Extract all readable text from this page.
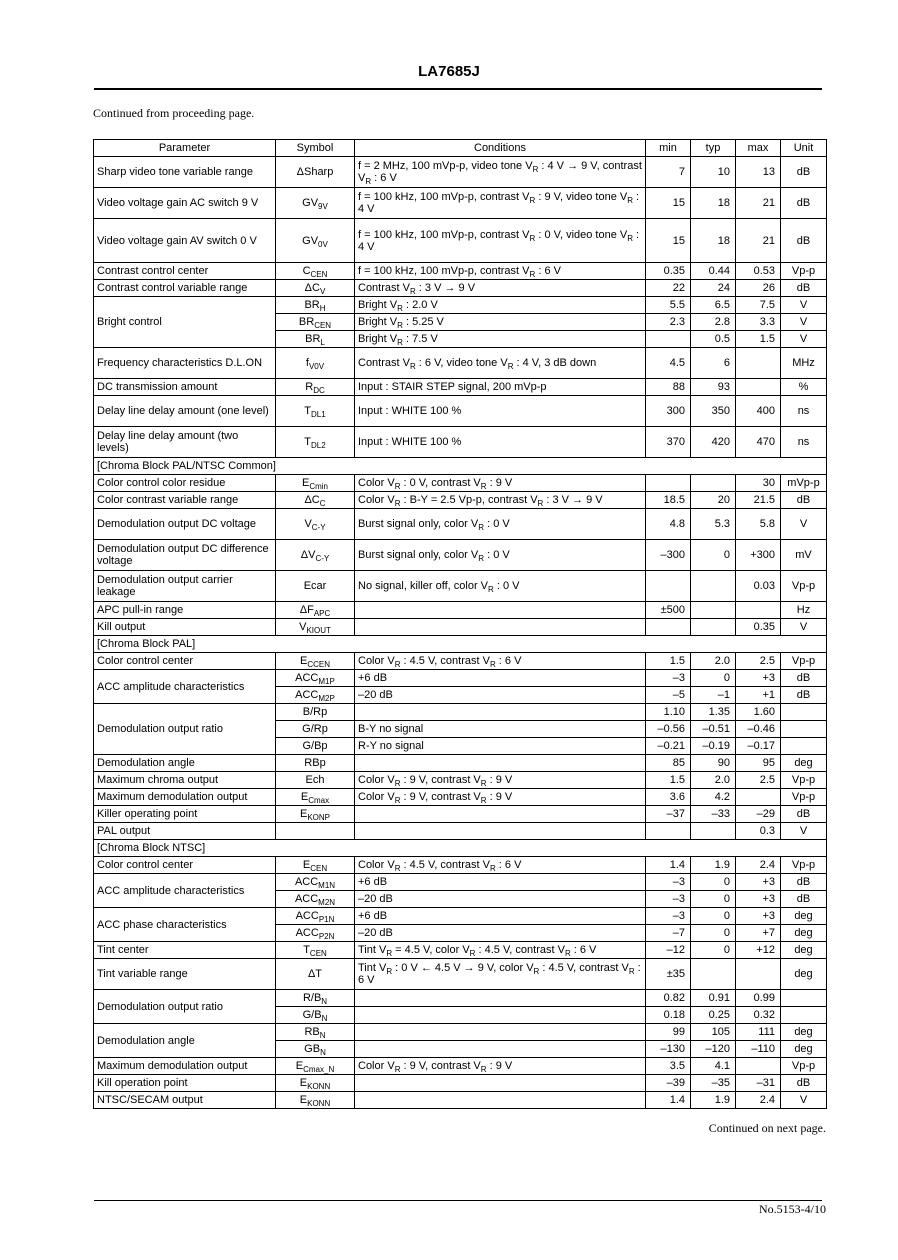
LA7685J
Continued from proceeding page.
Parameter	Symbol	Conditions	min	typ	max	Unit
Sharp video tone variable range	ΔSharp	f = 2 MHz, 100 mVp-p, video tone $V_R$ : 4 V → 9 V, contrast $V_R$ : 6 V	7	10	13	dB
Video voltage gain AC switch 9 V	$GV_{9V}$	f = 100 kHz, 100 mVp-p, contrast $V_R$ : 9 V, video tone $V_R$ : 4 V	15	18	21	dB
Video voltage gain AV switch 0 V	$GV_{0V}$	f = 100 kHz, 100 mVp-p, contrast $V_R$ : 0 V, video tone $V_R$ : 4 V	15	18	21	dB
Contrast control center	$C_{CEN}$	f = 100 kHz, 100 mVp-p, contrast $V_R$ : 6 V	0.35	0.44	0.53	Vp-p
Contrast control variable range	$\Delta C_V$	Contrast $V_R$ : 3 V → 9 V	22	24	26	dB
Bright control	$BR_H$	Bright $V_R$ : 2.0 V	5.5	6.5	7.5	V
	$BR_{CEN}$	Bright $V_R$ : 5.25 V	2.3	2.8	3.3	V
	$BR_L$	Bright $V_R$ : 7.5 V		0.5	1.5	V
Frequency characteristics D.L.ON	$f_{V0V}$	Contrast $V_R$ : 6 V, video tone $V_R$ : 4 V, 3 dB down	4.5	6		MHz
DC transmission amount	$R_{DC}$	Input : STAIR STEP signal, 200 mVp-p	88	93		%
Delay line delay amount (one level)	$T_{DL1}$	Input : WHITE 100 %	300	350	400	ns
Delay line delay amount (two levels)	$T_{DL2}$	Input : WHITE 100 %	370	420	470	ns
[Chroma Block PAL/NTSC Common]						
Color control color residue	$E_{Cmin}$	Color $V_R$ : 0 V, contrast $V_R$ : 9 V			30	mVp-p
Color contrast variable range	$\Delta C_C$	Color $V_R$ : B-Y = 2.5 Vp-p, contrast $V_R$ : 3 V → 9 V	18.5	20	21.5	dB
Demodulation output DC voltage	$V_{C-Y}$	Burst signal only, color $V_R$ : 0 V	4.8	5.3	5.8	V
Demodulation output DC difference voltage	$\Delta V_{C-Y}$	Burst signal only, color $V_R$ : 0 V	–300	0	+300	mV
Demodulation output carrier leakage	Ecar	No signal, killer off, color $V_R$ : 0 V			0.03	Vp-p
APC pull-in range	$\Delta F_{APC}$		±500			Hz
Kill output	$V_{KIOUT}$				0.35	V
[Chroma Block PAL]						
Color control center	$E_{CCEN}$	Color $V_R$ : 4.5 V, contrast $V_R$ : 6 V	1.5	2.0	2.5	Vp-p
ACC amplitude characteristics	$ACC_{M1P}$	+6 dB	–3	0	+3	dB
	$ACC_{M2P}$	–20 dB	–5	–1	+1	dB
Demodulation output ratio	B/Rp		1.10	1.35	1.60	
	G/Rp	B-Y no signal	–0.56	–0.51	–0.46	
	G/Bp	R-Y no signal	–0.21	–0.19	–0.17	
Demodulation angle	RBp		85	90	95	deg
Maximum chroma output	Ech	Color $V_R$ : 9 V, contrast $V_R$ : 9 V	1.5	2.0	2.5	Vp-p
Maximum demodulation output	$E_{Cmax}$	Color $V_R$ : 9 V, contrast $V_R$ : 9 V	3.6	4.2		Vp-p
Killer operating point	$E_{KONP}$		–37	–33	–29	dB
PAL output					0.3	V
[Chroma Block NTSC]						
Color control center	$E_{CEN}$	Color $V_R$ : 4.5 V, contrast $V_R$ : 6 V	1.4	1.9	2.4	Vp-p
ACC amplitude characteristics	$ACC_{M1N}$	+6 dB	–3	0	+3	dB
	$ACC_{M2N}$	–20 dB	–3	0	+3	dB
ACC phase characteristics	$ACC_{P1N}$	+6 dB	–3	0	+3	deg
	$ACC_{P2N}$	–20 dB	–7	0	+7	deg
Tint center	$T_{CEN}$	Tint $V_R = 4.5$ V, color $V_R$ : 4.5 V, contrast $V_R$ : 6 V	–12	0	+12	deg
Tint variable range	ΔT	Tint $V_R$ : 0 V ← 4.5 V → 9 V, color $V_R$ : 4.5 V, contrast $V_R$ : 6 V	±35			deg
Demodulation output ratio	$R/B_N$		0.82	0.91	0.99	
	$G/B_N$		0.18	0.25	0.32	
Demodulation angle	$RB_N$		99	105	111	deg
	$GB_N$		–130	–120	–110	deg
Maximum demodulation output	$E_{Cmax\_N}$	Color $V_R$ : 9 V, contrast $V_R$ : 9 V	3.5	4.1		Vp-p
Kill operation point	$E_{KONN}$		–39	–35	–31	dB
NTSC/SECAM output	$E_{KONN}$		1.4	1.9	2.4	V
Continued on next page.
No.5153-4/10
